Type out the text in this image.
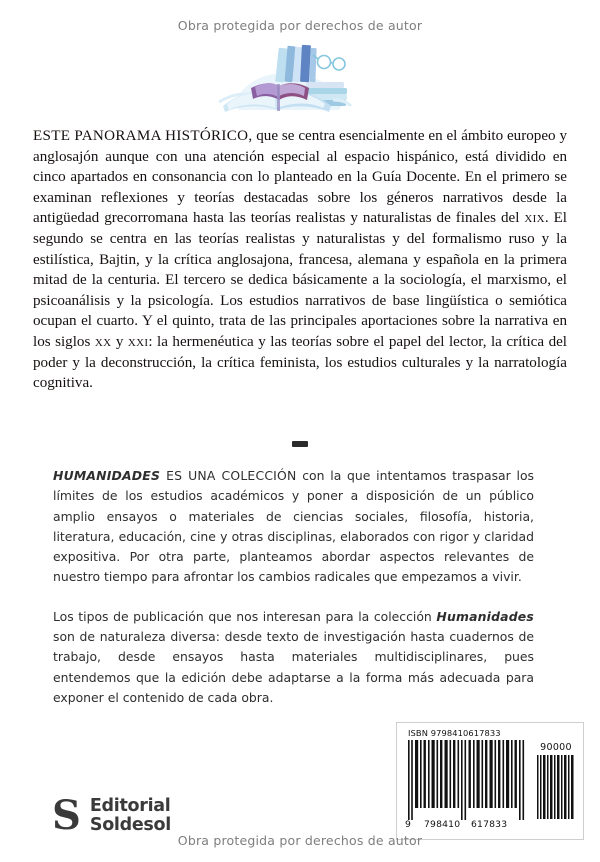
Obra protegida por derechos de autor
ESTE PANORAMA HISTÓRICO, que se centra esencialmente en el ámbito europeo y anglosajón aunque con una atención especial al espacio hispánico, está dividido en cinco apartados en consonancia con lo planteado en la Guía Docente. En el primero se examinan reflexiones y teorías destacadas sobre los géneros narrativos desde la antigüedad grecorromana hasta las teorías realistas y naturalistas de finales del xix. El segundo se centra en las teorías realistas y naturalistas y del formalismo ruso y la estilística, Bajtin, y la crítica anglosajona, francesa, alemana y española en la primera mitad de la centuria. El tercero se dedica básicamente a la sociología, el marxismo, el psicoanálisis y la psicología. Los estudios narrativos de base lingüística o semiótica ocupan el cuarto. Y el quinto, trata de las principales aportaciones sobre la narrativa en los siglos xx y xxi: la hermenéutica y las teorías sobre el papel del lector, la crítica del poder y la deconstrucción, la crítica feminista, los estudios culturales y la narratología cognitiva.

HUMANIDADES ES UNA COLECCIÓN con la que intentamos traspasar los límites de los estudios académicos y poner a disposición de un público amplio ensayos o materiales de ciencias sociales, filosofía, historia, literatura, educación, cine y otras disciplinas, elaborados con rigor y claridad expositiva. Por otra parte, planteamos abordar aspectos relevantes de nuestro tiempo para afrontar los cambios radicales que empezamos a vivir.

Los tipos de publicación que nos interesan para la colección Humanidades son de naturaleza diversa: desde texto de investigación hasta cuadernos de trabajo, desde ensayos hasta materiales multidisciplinares, pues entendemos que la edición debe adaptarse a la forma más adecuada para exponer el contenido de cada obra.

S Editorial
Soldesol
ISBN 9798410617833
90000
9 798410 617833
Obra protegida por derechos de autor
